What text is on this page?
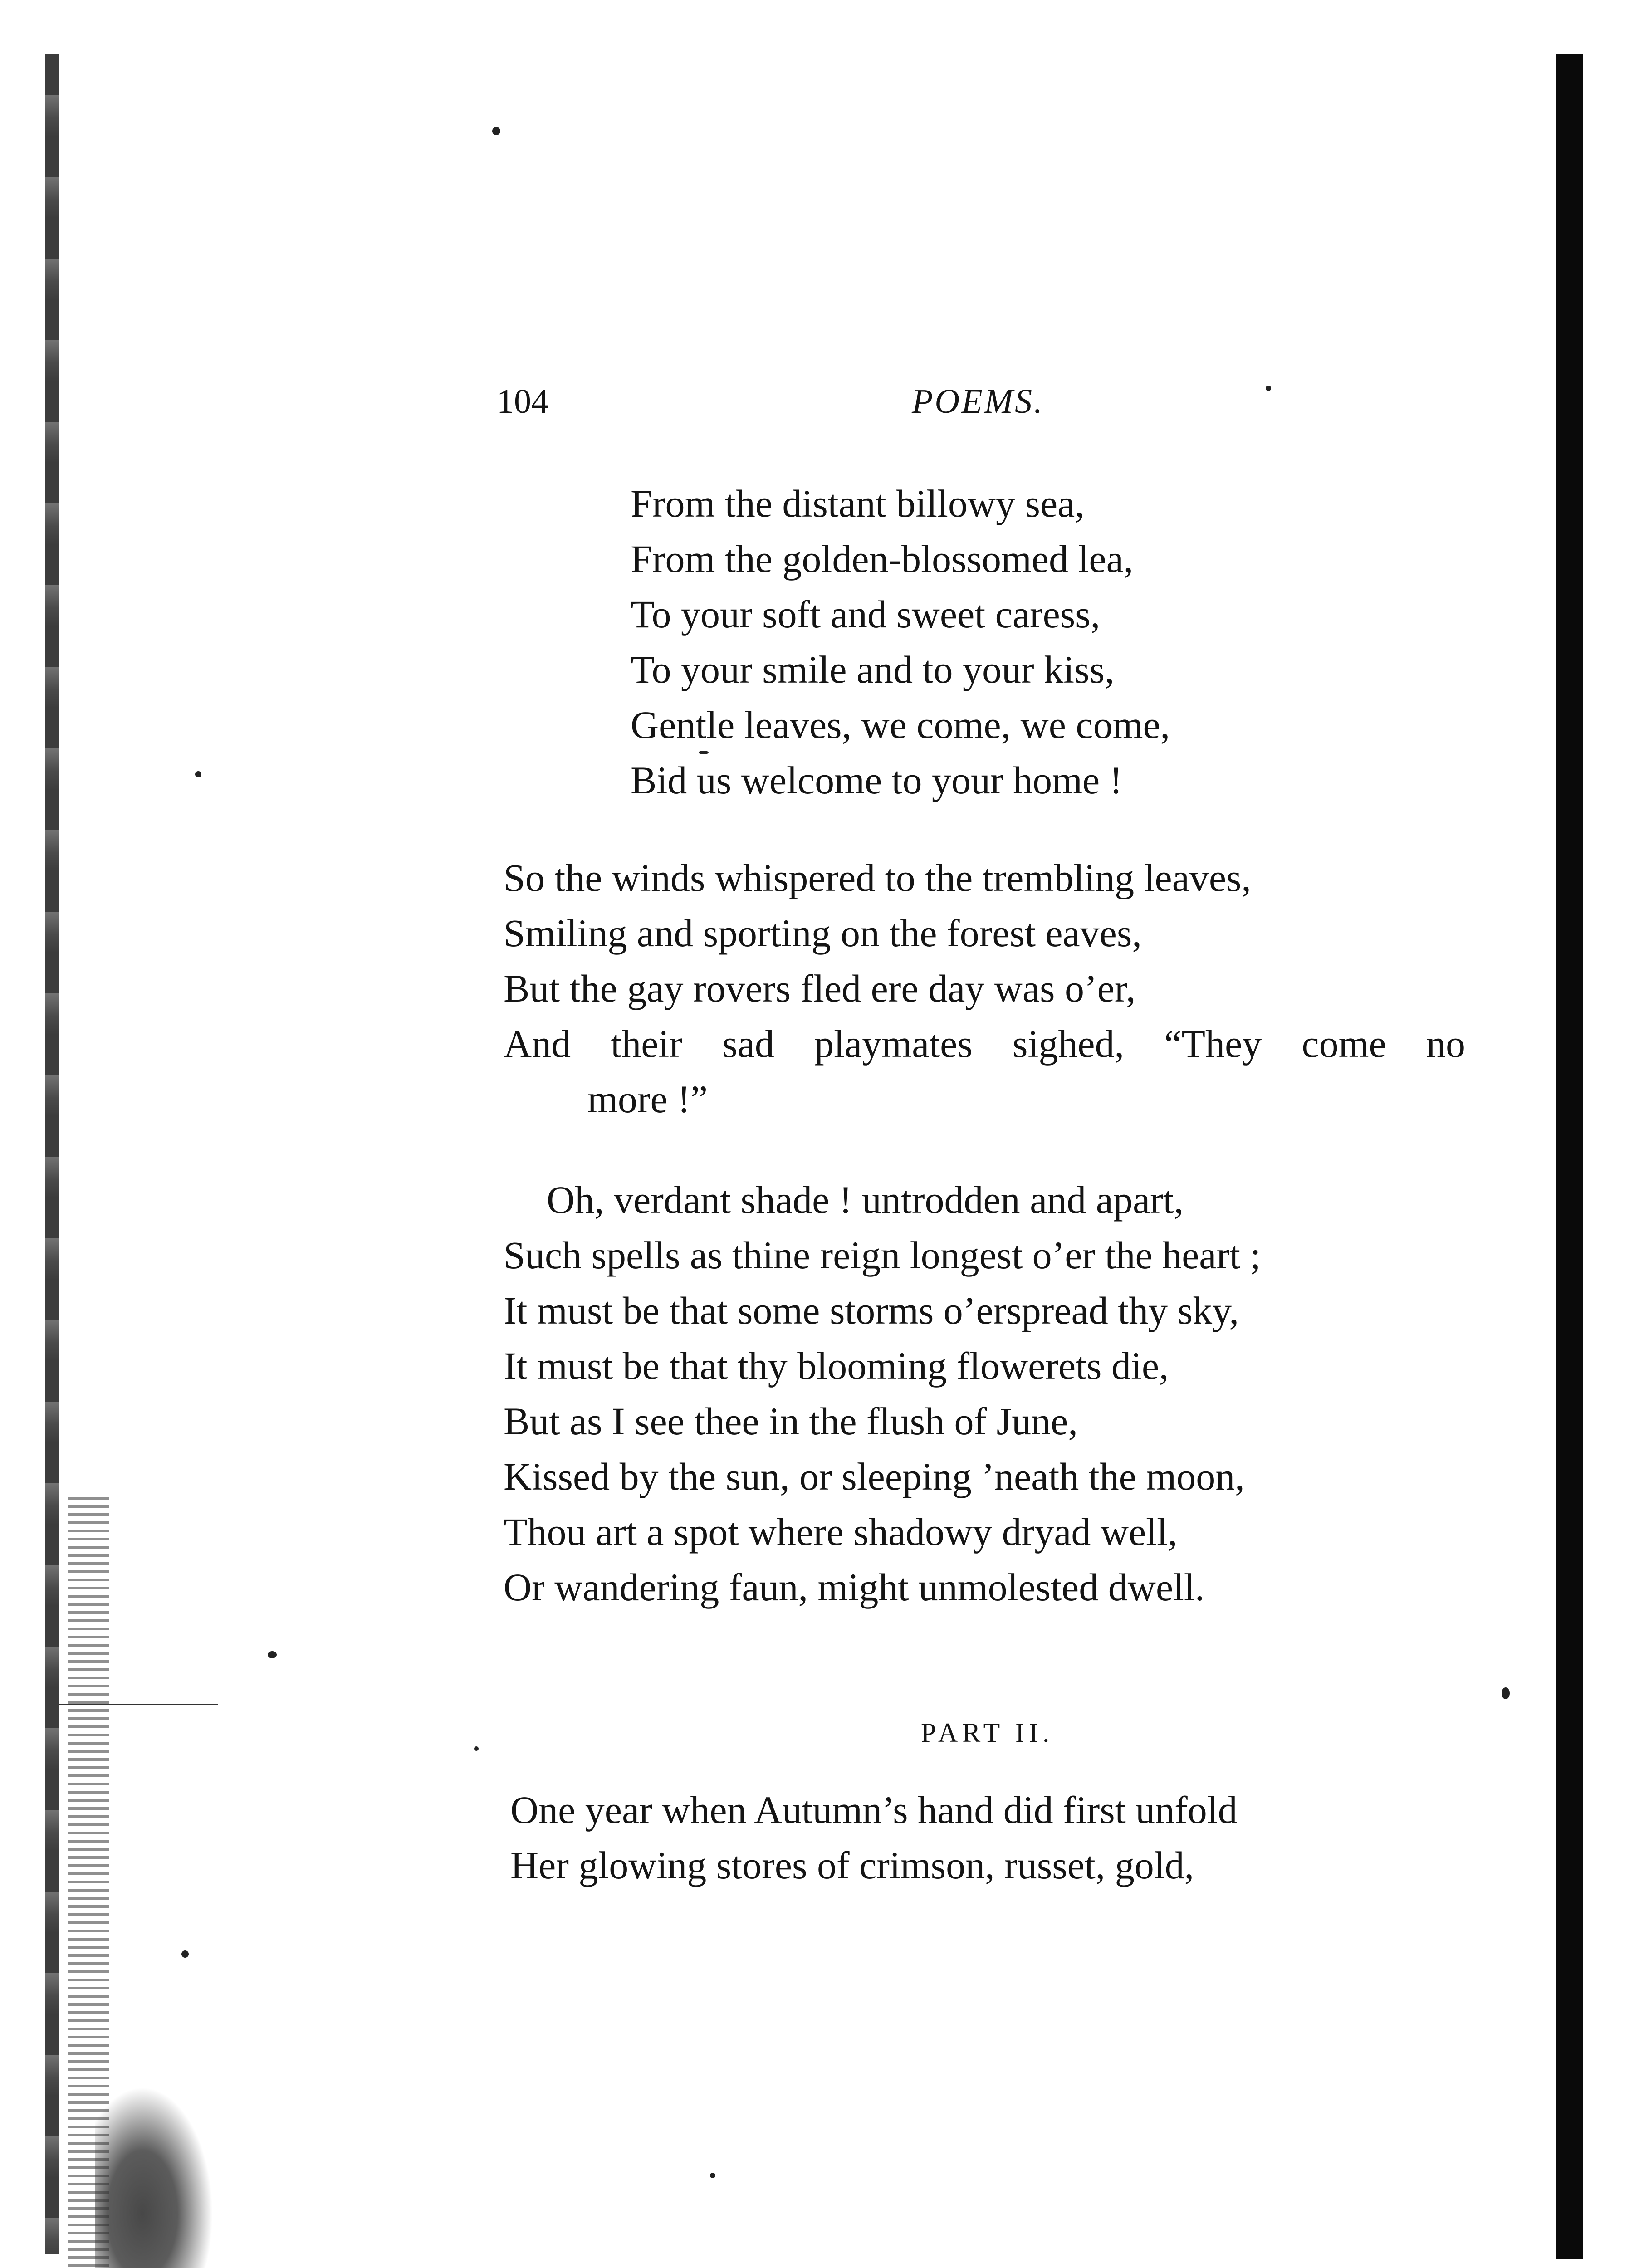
104	POEMS.
From the distant billowy sea,
From the golden-blossomed lea,
To your soft and sweet caress,
To your smile and to your kiss,
Gentle leaves, we come, we come,
Bid us welcome to your home !
So the winds whispered to the trembling leaves,
Smiling and sporting on the forest eaves,
But the gay rovers fled ere day was o’er,
And their sad playmates sighed, “They come no
more !”
Oh, verdant shade ! untrodden and apart,
Such spells as thine reign longest o’er the heart ;
It must be that some storms o’erspread thy sky,
It must be that thy blooming flowerets die,
But as I see thee in the flush of June,
Kissed by the sun, or sleeping ’neath the moon,
Thou art a spot where shadowy dryad well,
Or wandering faun, might unmolested dwell.
PART II.
One year when Autumn’s hand did first unfold
Her glowing stores of crimson, russet, gold,
